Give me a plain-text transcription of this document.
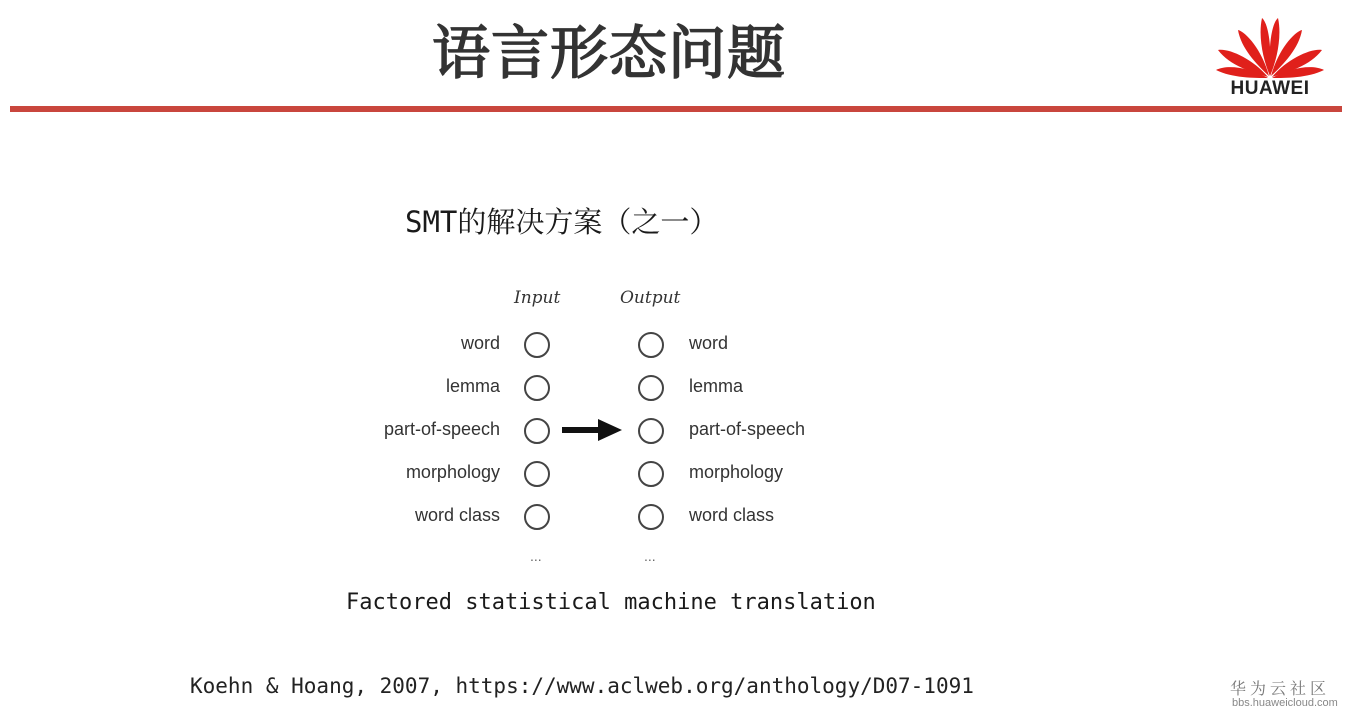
语言形态问题
HUAWEI
SMT的解决方案（之一）
Input	Output
word
lemma
part-of-speech
morphology
word class
word
lemma
part-of-speech
morphology
word class
...	...
Factored statistical machine translation
Koehn & Hoang, 2007, https://www.aclweb.org/anthology/D07-1091	华为云社区
bbs.huaweicloud.com
